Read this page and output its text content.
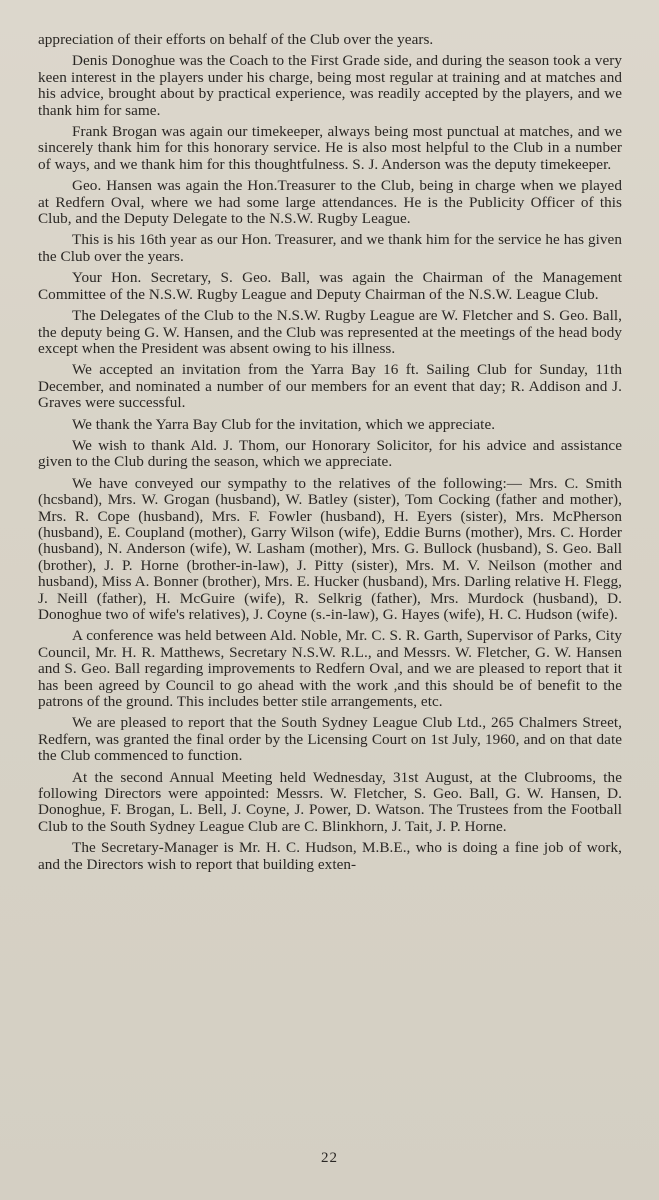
appreciation of their efforts on behalf of the Club over the years.

Denis Donoghue was the Coach to the First Grade side, and during the season took a very keen interest in the players under his charge, being most regular at training and at matches and his advice, brought about by practical experience, was readily accepted by the players, and we thank him for same.

Frank Brogan was again our timekeeper, always being most punctual at matches, and we sincerely thank him for this honorary service. He is also most helpful to the Club in a number of ways, and we thank him for this thoughtfulness. S. J. Anderson was the deputy timekeeper.

Geo. Hansen was again the Hon.Treasurer to the Club, being in charge when we played at Redfern Oval, where we had some large attendances. He is the Publicity Officer of this Club, and the Deputy Delegate to the N.S.W. Rugby League.

This is his 16th year as our Hon. Treasurer, and we thank him for the service he has given the Club over the years.

Your Hon. Secretary, S. Geo. Ball, was again the Chairman of the Management Committee of the N.S.W. Rugby League and Deputy Chairman of the N.S.W. League Club.

The Delegates of the Club to the N.S.W. Rugby League are W. Fletcher and S. Geo. Ball, the deputy being G. W. Hansen, and the Club was represented at the meetings of the head body except when the President was absent owing to his illness.

We accepted an invitation from the Yarra Bay 16 ft. Sailing Club for Sunday, 11th December, and nominated a number of our members for an event that day; R. Addison and J. Graves were successful.

We thank the Yarra Bay Club for the invitation, which we appreciate.

We wish to thank Ald. J. Thom, our Honorary Solicitor, for his advice and assistance given to the Club during the season, which we appreciate.

We have conveyed our sympathy to the relatives of the following:— Mrs. C. Smith (hcsband), Mrs. W. Grogan (husband), W. Batley (sister), Tom Cocking (father and mother), Mrs. R. Cope (husband), Mrs. F. Fowler (husband), H. Eyers (sister), Mrs. McPherson (husband), E. Coupland (mother), Garry Wilson (wife), Eddie Burns (mother), Mrs. C. Horder (husband), N. Anderson (wife), W. Lasham (mother), Mrs. G. Bullock (husband), S. Geo. Ball (brother), J. P. Horne (brother-in-law), J. Pitty (sister), Mrs. M. V. Neilson (mother and husband), Miss A. Bonner (brother), Mrs. E. Hucker (husband), Mrs. Darling relative H. Flegg, J. Neill (father), H. McGuire (wife), R. Selkrig (father), Mrs. Murdock (husband), D. Donoghue two of wife's relatives), J. Coyne (s.-in-law), G. Hayes (wife), H. C. Hudson (wife).

A conference was held between Ald. Noble, Mr. C. S. R. Garth, Supervisor of Parks, City Council, Mr. H. R. Matthews, Secretary N.S.W. R.L., and Messrs. W. Fletcher, G. W. Hansen and S. Geo. Ball regarding improvements to Redfern Oval, and we are pleased to report that it has been agreed by Council to go ahead with the work ,and this should be of benefit to the patrons of the ground. This includes better stile arrangements, etc.

We are pleased to report that the South Sydney League Club Ltd., 265 Chalmers Street, Redfern, was granted the final order by the Licensing Court on 1st July, 1960, and on that date the Club commenced to function.

At the second Annual Meeting held Wednesday, 31st August, at the Clubrooms, the following Directors were appointed: Messrs. W. Fletcher, S. Geo. Ball, G. W. Hansen, D. Donoghue, F. Brogan, L. Bell, J. Coyne, J. Power, D. Watson. The Trustees from the Football Club to the South Sydney League Club are C. Blinkhorn, J. Tait, J. P. Horne.

The Secretary-Manager is Mr. H. C. Hudson, M.B.E., who is doing a fine job of work, and the Directors wish to report that building exten-

22
